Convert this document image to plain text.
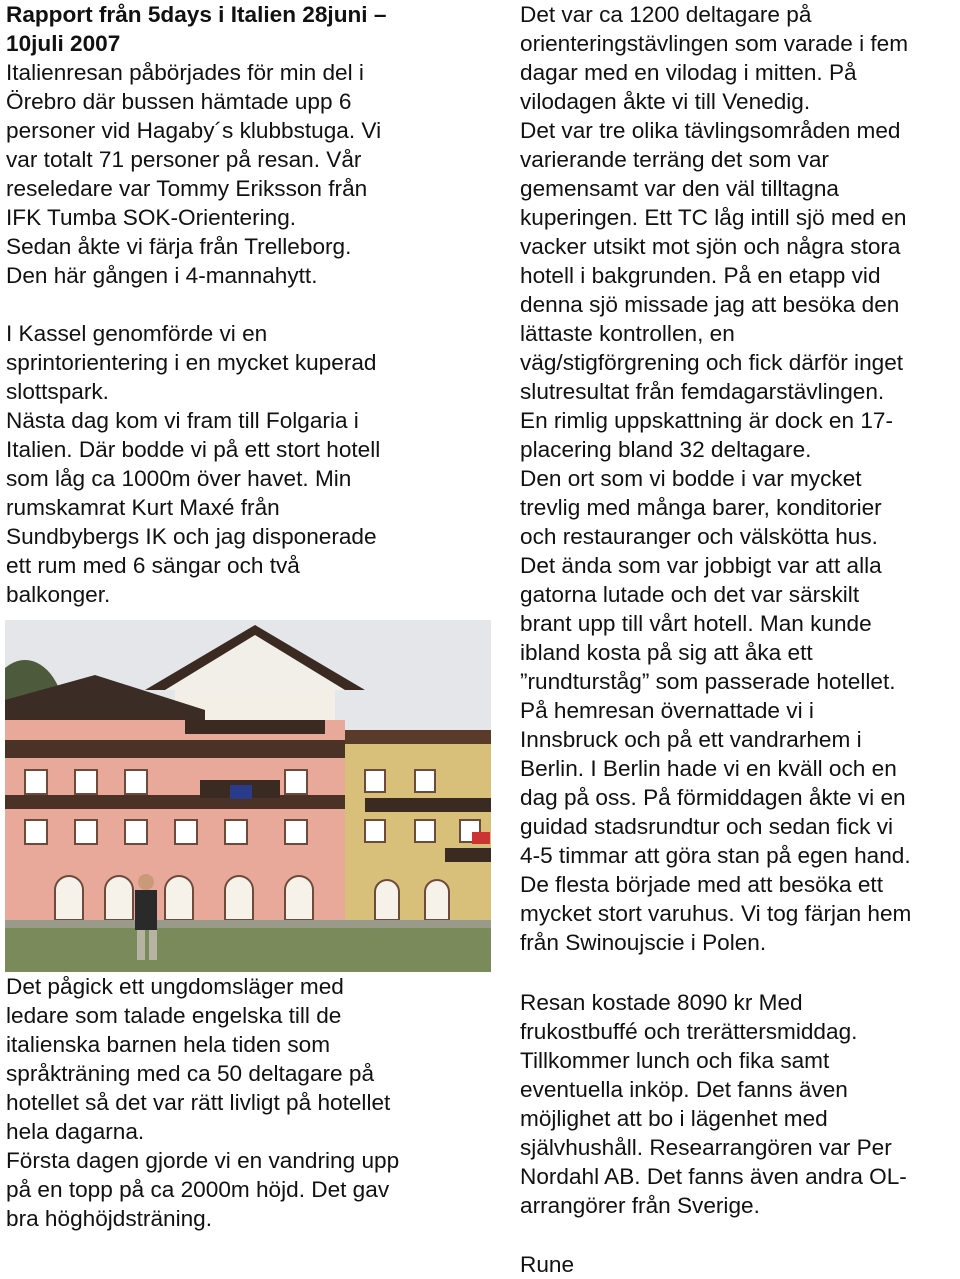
Rapport från 5days i Italien 28juni –
10juli 2007

Italienresan påbörjades för min del i
Örebro där bussen hämtade upp 6
personer vid Hagaby´s klubbstuga. Vi
var totalt 71 personer på resan. Vår
reseledare var Tommy Eriksson från
IFK Tumba SOK-Orientering.
Sedan åkte vi färja från Trelleborg.
Den här gången i 4-mannahytt.

I Kassel genomförde vi en
sprintorientering i en mycket kuperad
slottspark.
Nästa dag kom vi fram till Folgaria i
Italien. Där bodde vi på ett stort hotell
som låg ca 1000m över havet. Min
rumskamrat Kurt Maxé från
Sundbybergs IK och jag disponerade
ett rum med 6 sängar och två
balkonger.

Det pågick ett ungdomsläger med
ledare som talade engelska till de
italienska barnen hela tiden som
språkträning med ca 50 deltagare på
hotellet så det var rätt livligt på hotellet
hela dagarna.
Första dagen gjorde vi en vandring upp
på en topp på ca 2000m höjd. Det gav
bra höghöjdsträning.

Det var ca 1200 deltagare på
orienteringstävlingen som varade i fem
dagar med en vilodag i mitten. På
vilodagen åkte vi till Venedig.
Det var tre olika tävlingsområden med
varierande terräng det som var
gemensamt var den väl tilltagna
kuperingen. Ett TC låg intill sjö med en
vacker utsikt mot sjön och några stora
hotell i bakgrunden. På en etapp vid
denna sjö missade jag att besöka den
lättaste kontrollen, en
väg/stigförgrening och fick därför inget
slutresultat från femdagarstävlingen.
En rimlig uppskattning är dock en 17-
placering bland 32 deltagare.
Den ort som vi bodde i var mycket
trevlig med många barer, konditorier
och restauranger och välskötta hus.
Det ända som var jobbigt var att alla
gatorna lutade och det var särskilt
brant upp till vårt hotell. Man kunde
ibland kosta på sig att åka ett
”rundturståg” som passerade hotellet.
På hemresan övernattade vi i
Innsbruck och på ett vandrarhem i
Berlin. I Berlin hade vi en kväll och en
dag på oss. På förmiddagen åkte vi en
guidad stadsrundtur och sedan fick vi
4-5 timmar att göra stan på egen hand.
De flesta började med att besöka ett
mycket stort varuhus. Vi tog färjan hem
från Swinoujscie i Polen.

Resan kostade 8090 kr Med
frukostbuffé och trerättersmiddag.
Tillkommer lunch och fika samt
eventuella inköp. Det fanns även
möjlighet att bo i lägenhet med
självhushåll. Researrangören var Per
Nordahl AB. Det fanns även andra OL-
arrangörer från Sverige.

Rune
